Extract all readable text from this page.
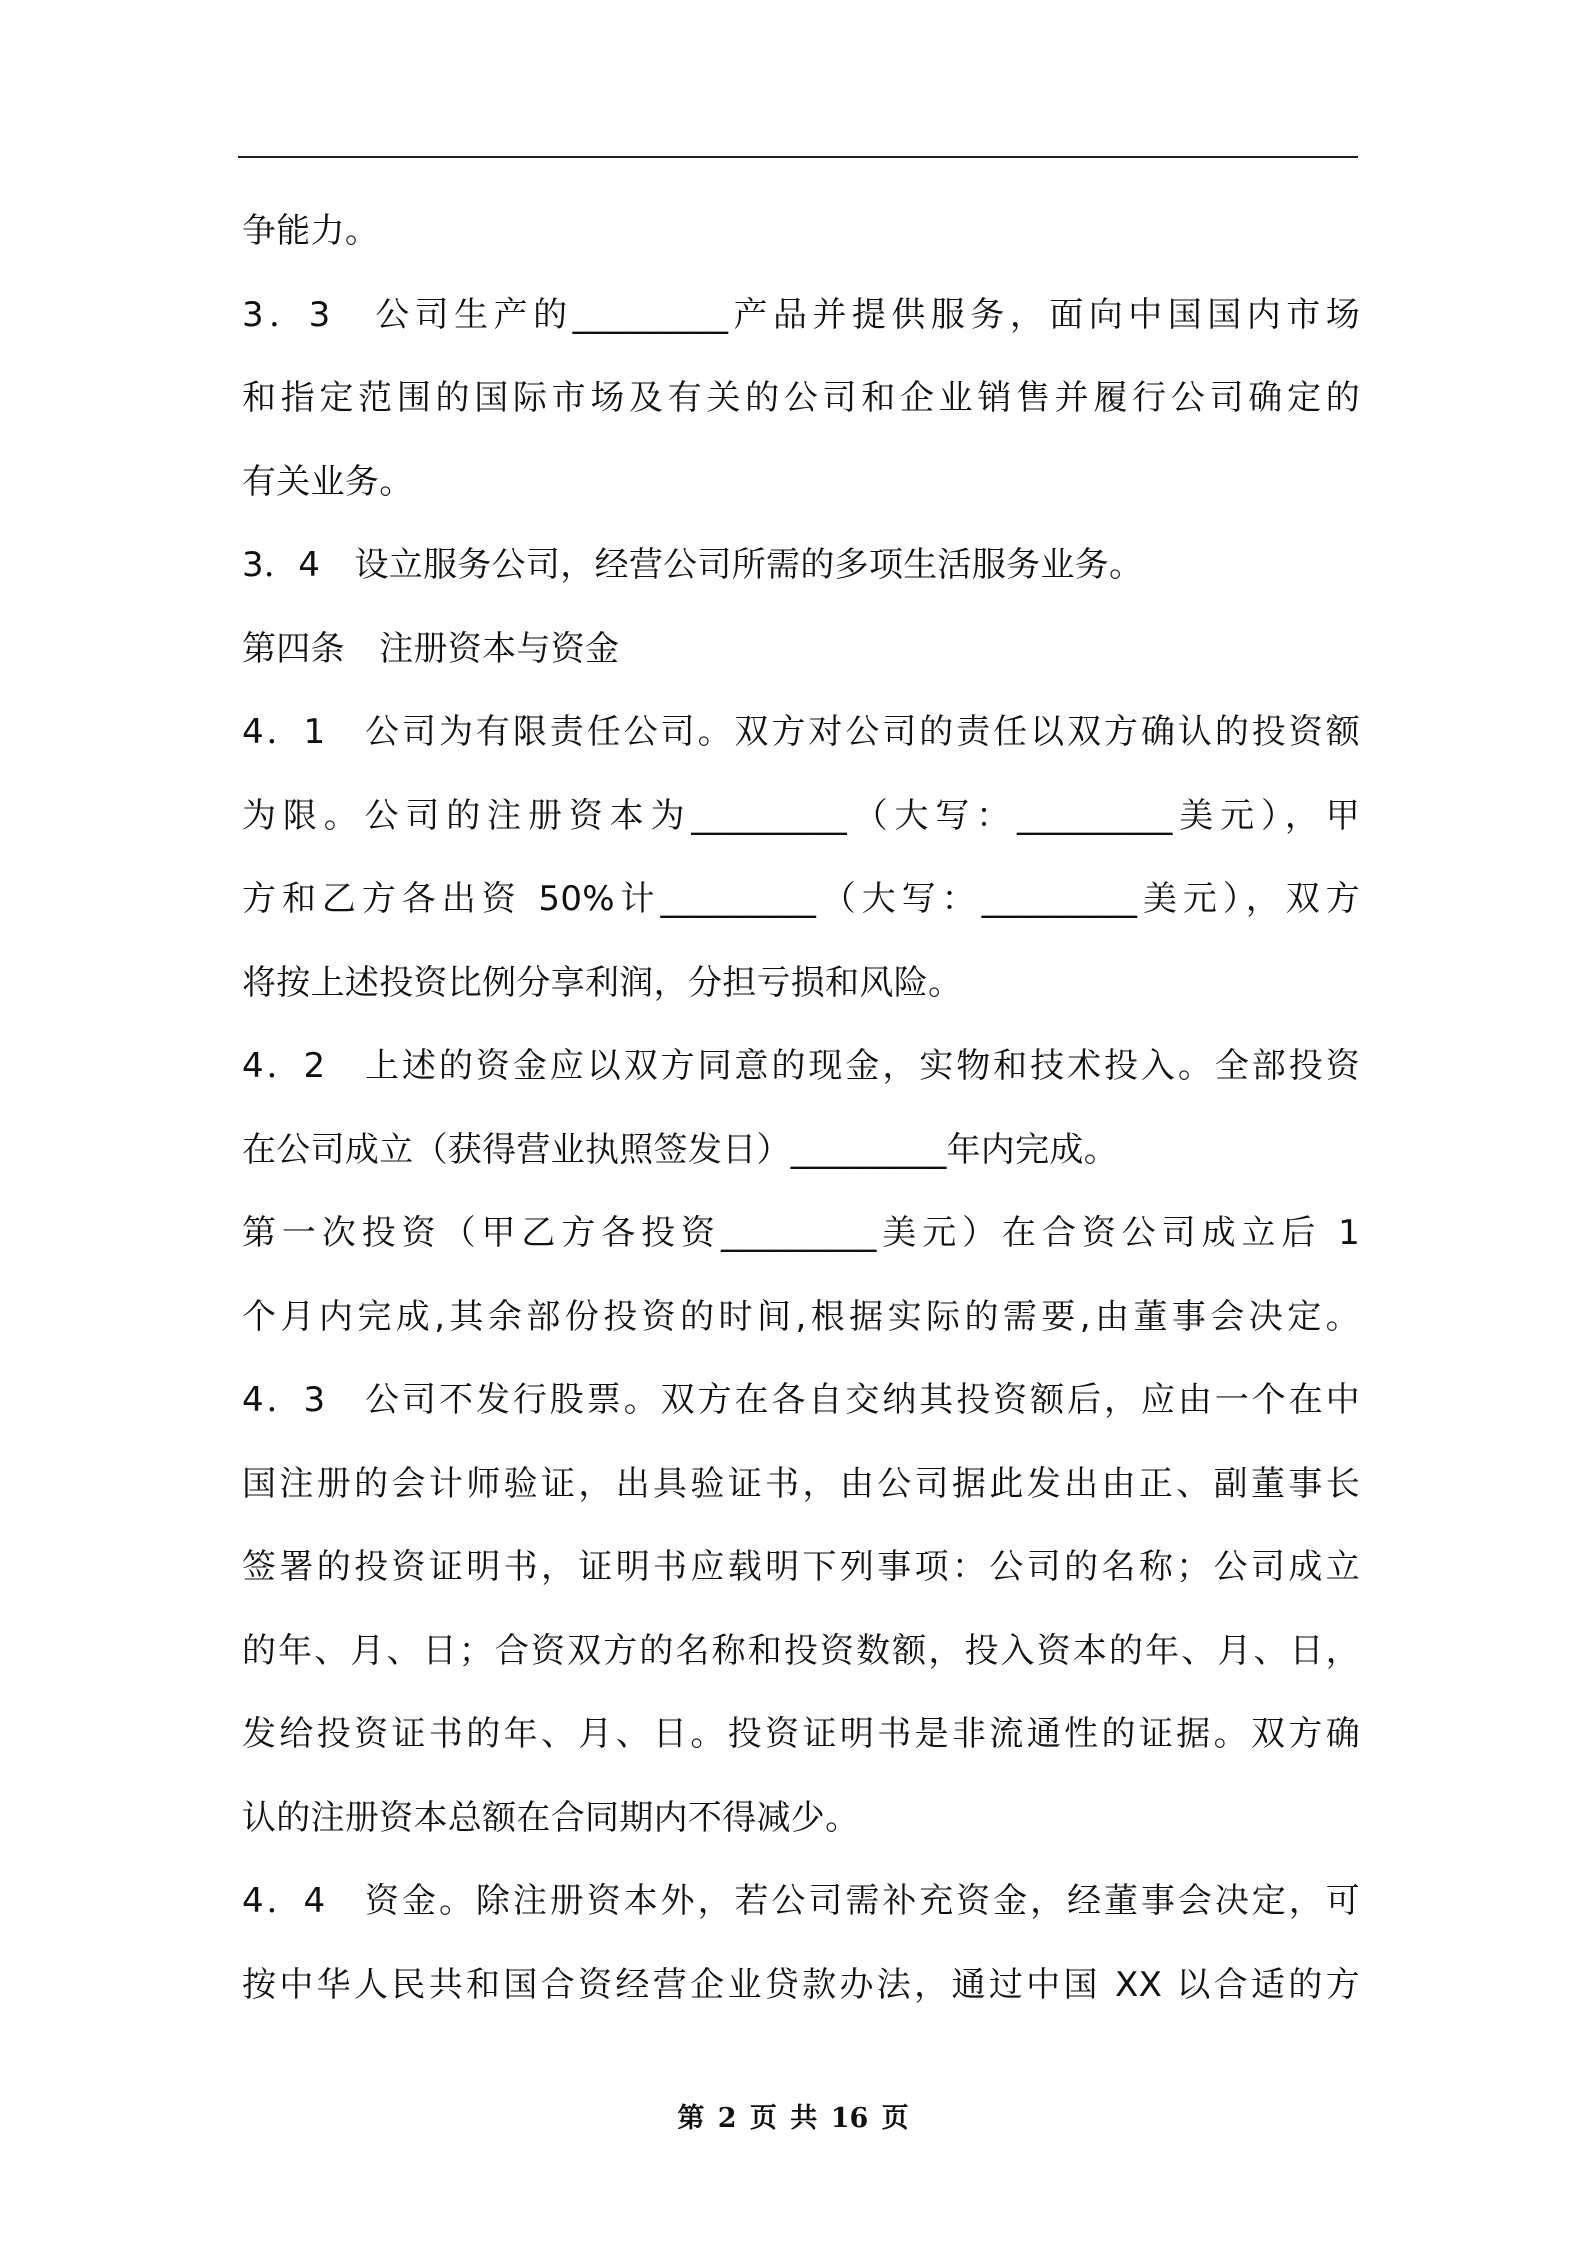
争能力。
3．3　公司生产的_________产品并提供服务，面向中国国内市场
和指定范围的国际市场及有关的公司和企业销售并履行公司确定的
有关业务。
3．4　设立服务公司，经营公司所需的多项生活服务业务。
第四条　注册资本与资金
4．1　公司为有限责任公司。双方对公司的责任以双方确认的投资额
为限。公司的注册资本为_________（大写：_________美元），甲
方和乙方各出资 50%计_________（大写：_________美元），双方
将按上述投资比例分享利润，分担亏损和风险。
4．2　上述的资金应以双方同意的现金，实物和技术投入。全部投资
在公司成立（获得营业执照签发日）_________年内完成。
第一次投资（甲乙方各投资_________美元）在合资公司成立后 1
个月内完成,其余部份投资的时间,根据实际的需要,由董事会决定。
4．3　公司不发行股票。双方在各自交纳其投资额后，应由一个在中
国注册的会计师验证，出具验证书，由公司据此发出由正、副董事长
签署的投资证明书，证明书应载明下列事项：公司的名称；公司成立
的年、月、日；合资双方的名称和投资数额，投入资本的年、月、日，
发给投资证书的年、月、日。投资证明书是非流通性的证据。双方确
认的注册资本总额在合同期内不得减少。
4．4　资金。除注册资本外，若公司需补充资金，经董事会决定，可
按中华人民共和国合资经营企业贷款办法，通过中国 XX 以合适的方
第 2 页 共 16 页
